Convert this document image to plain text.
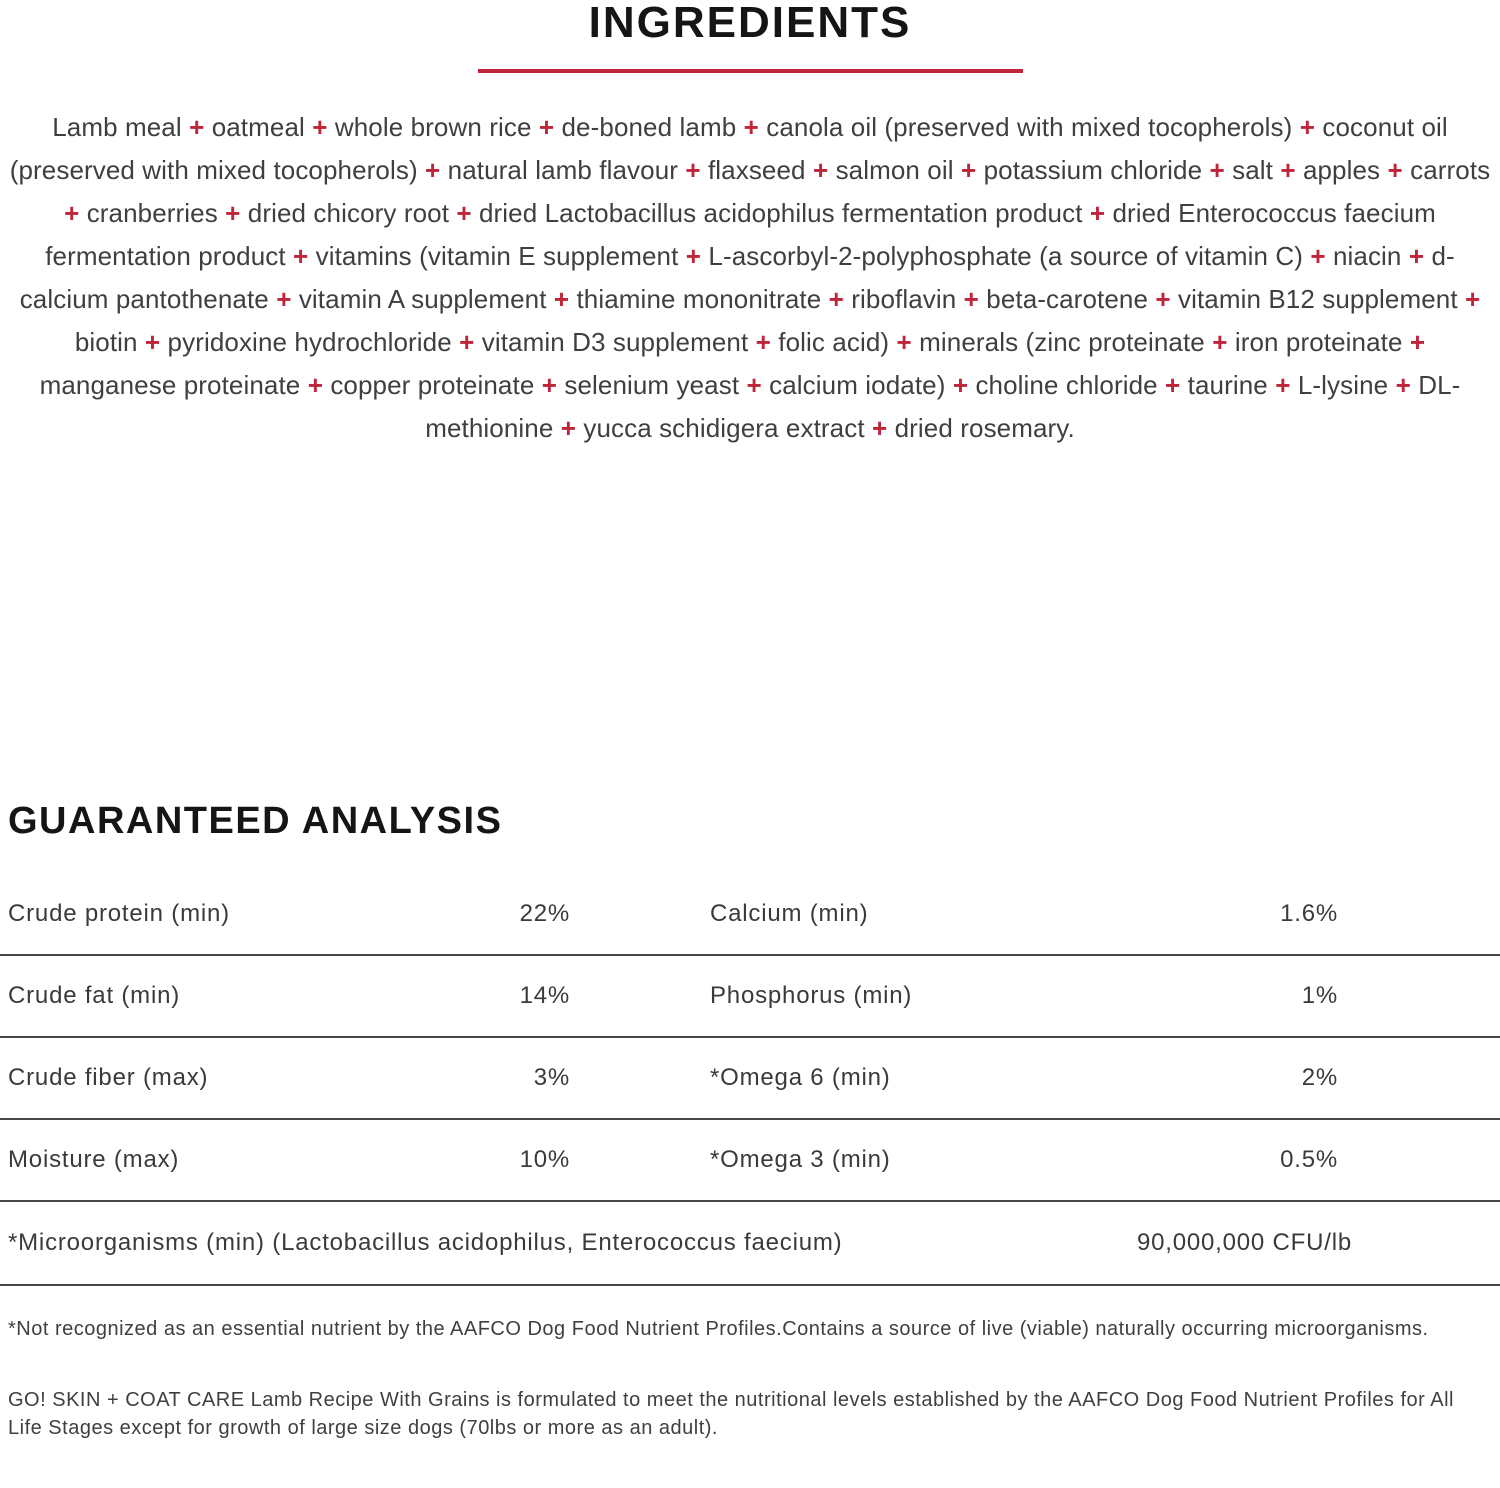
INGREDIENTS

Lamb meal + oatmeal + whole brown rice + de-boned lamb + canola oil (preserved with mixed tocopherols) + coconut oil (preserved with mixed tocopherols) + natural lamb flavour + flaxseed + salmon oil + potassium chloride + salt + apples + carrots + cranberries + dried chicory root + dried Lactobacillus acidophilus fermentation product + dried Enterococcus faecium fermentation product + vitamins (vitamin E supplement + L-ascorbyl-2-polyphosphate (a source of vitamin C) + niacin + d-calcium pantothenate + vitamin A supplement + thiamine mononitrate + riboflavin + beta-carotene + vitamin B12 supplement + biotin + pyridoxine hydrochloride + vitamin D3 supplement + folic acid) + minerals (zinc proteinate + iron proteinate + manganese proteinate + copper proteinate + selenium yeast + calcium iodate) + choline chloride + taurine + L-lysine + DL-methionine + yucca schidigera extract + dried rosemary.

GUARANTEED ANALYSIS
Crude protein (min)	22%	Calcium (min)	1.6%
Crude fat (min)	14%	Phosphorus (min)	1%
Crude fiber (max)	3%	*Omega 6 (min)	2%
Moisture (max)	10%	*Omega 3 (min)	0.5%
*Microorganisms (min) (Lactobacillus acidophilus, Enterococcus faecium)	90,000,000 CFU/lb

*Not recognized as an essential nutrient by the AAFCO Dog Food Nutrient Profiles.Contains a source of live (viable) naturally occurring microorganisms.

GO! SKIN + COAT CARE Lamb Recipe With Grains is formulated to meet the nutritional levels established by the AAFCO Dog Food Nutrient Profiles for All Life Stages except for growth of large size dogs (70lbs or more as an adult).
